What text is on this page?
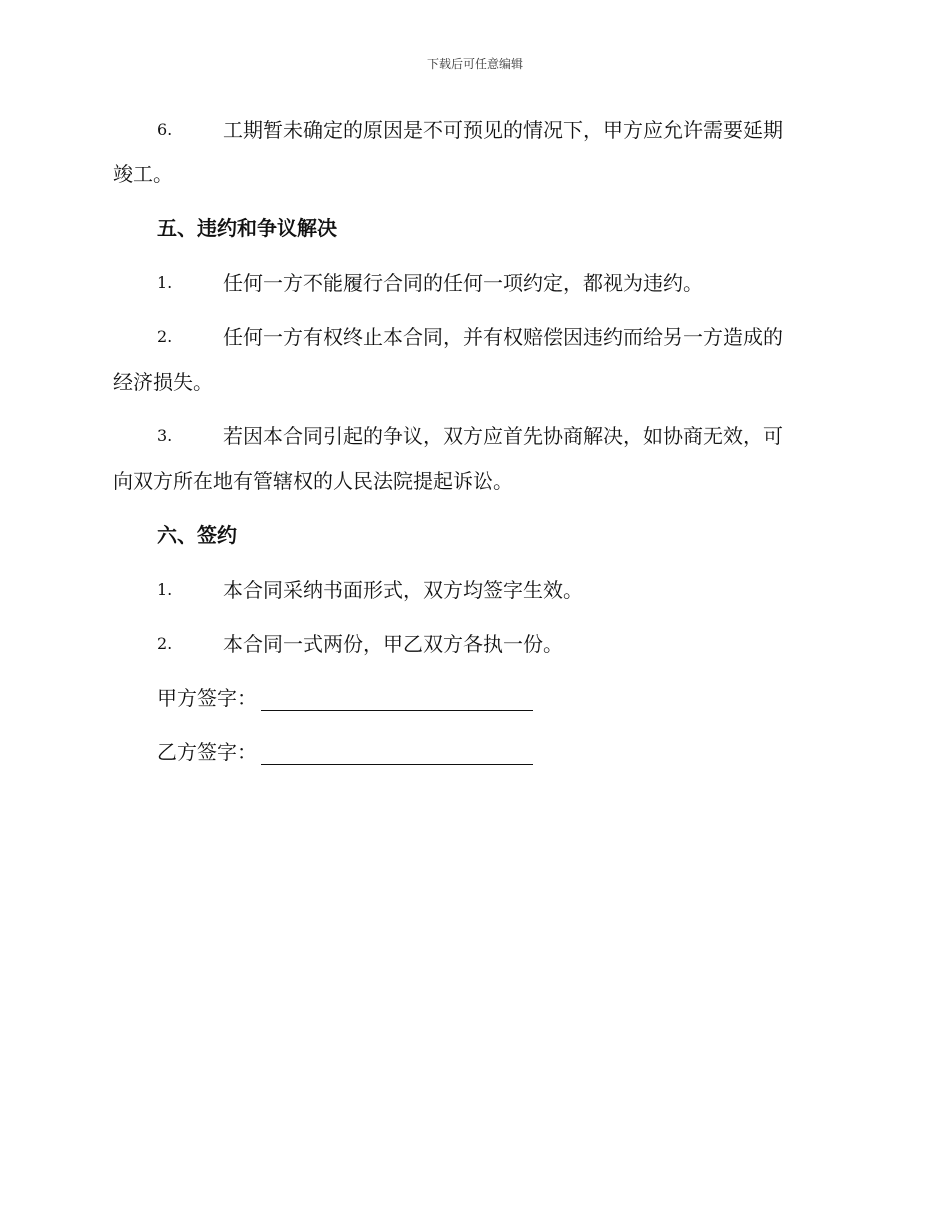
下载后可任意编辑
6.	工期暂未确定的原因是不可预见的情况下，甲方应允许需要延期
竣工。
五、违约和争议解决
1.	任何一方不能履行合同的任何一项约定，都视为违约。
2.	任何一方有权终止本合同，并有权赔偿因违约而给另一方造成的
经济损失。
3.	若因本合同引起的争议，双方应首先协商解决，如协商无效，可
向双方所在地有管辖权的人民法院提起诉讼。
六、签约
1.	本合同采纳书面形式，双方均签字生效。
2.	本合同一式两份，甲乙双方各执一份。
甲方签字：
乙方签字：
